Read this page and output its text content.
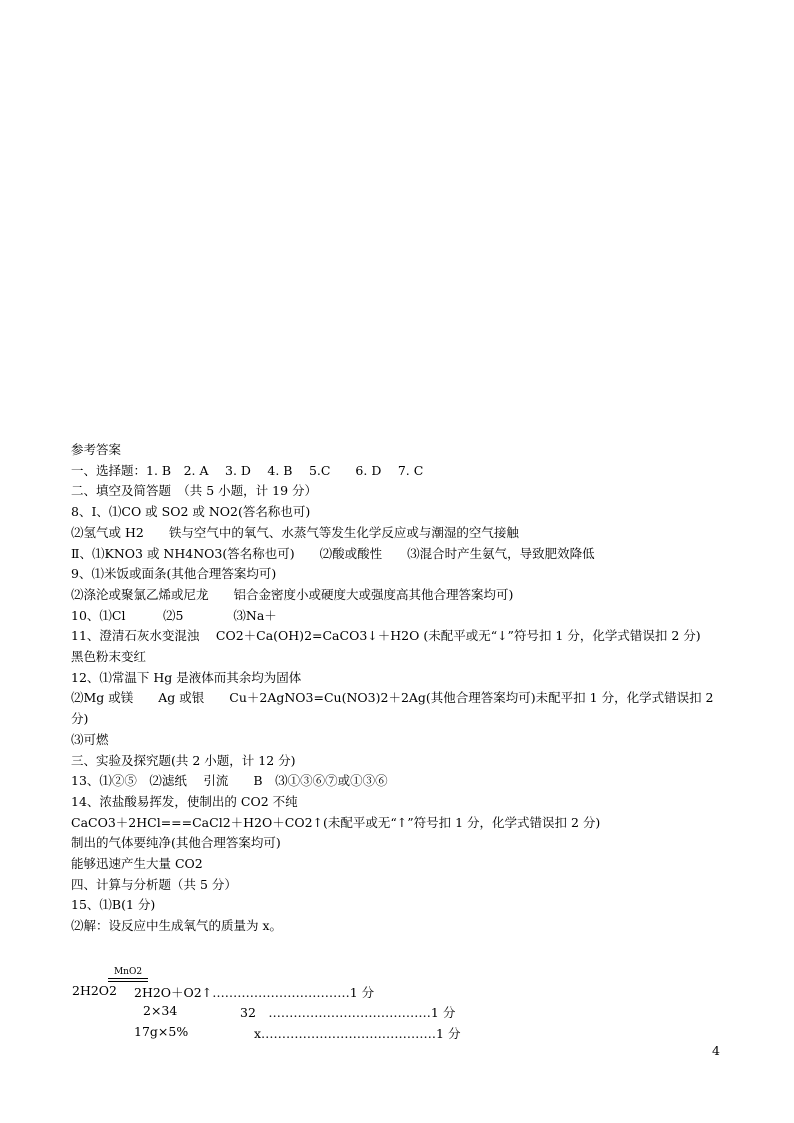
参考答案
一、选择题：1. B　2. A　 3. D　 4. B　 5.C　　6. D　 7. C
二、填空及简答题　（共 5 小题，计 19 分）
8、Ⅰ、⑴CO 或 SO2 或 NO2(答名称也可)
⑵氢气或 H2　　铁与空气中的氧气、水蒸气等发生化学反应或与潮湿的空气接触
Ⅱ、⑴KNO3 或 NH4NO3(答名称也可)　　⑵酸或酸性　　⑶混合时产生氨气，导致肥效降低
9、⑴米饭或面条(其他合理答案均可)
⑵涤沦或聚氯乙烯或尼龙　　铝合金密度小或硬度大或强度高其他合理答案均可)
10、⑴Cl　　　⑵5　　　　⑶Na＋
11、澄清石灰水变混浊　 CO2＋Ca(OH)2=CaCO3↓＋H2O (未配平或无“↓”符号扣 1 分，化学式错误扣 2 分)
黑色粉末变红
12、⑴常温下 Hg 是液体而其余均为固体
⑵Mg 或镁　　Ag 或银　　Cu＋2AgNO3=Cu(NO3)2＋2Ag(其他合理答案均可)未配平扣 1 分，化学式错误扣 2 分)
⑶可燃
三、实验及探究题(共 2 小题，计 12 分)
13、⑴②⑤　⑵滤纸　 引流　　B　⑶①③⑥⑦或①③⑥
14、浓盐酸易挥发，使制出的 CO2 不纯
CaCO3＋2HCl===CaCl2＋H2O＋CO2↑(未配平或无“↑”符号扣 1 分，化学式错误扣 2 分)
制出的气体要纯净(其他合理答案均可)
能够迅速产生大量 CO2
四、计算与分析题（共 5 分）
15、⑴B(1 分)
⑵解：设反应中生成氧气的质量为 x。
MnO2
2H2O2 2H2O＋O2↑……………………………1 分
2×34	32　…………………………………1 分
17g×5%	x……………………………………1 分
4
